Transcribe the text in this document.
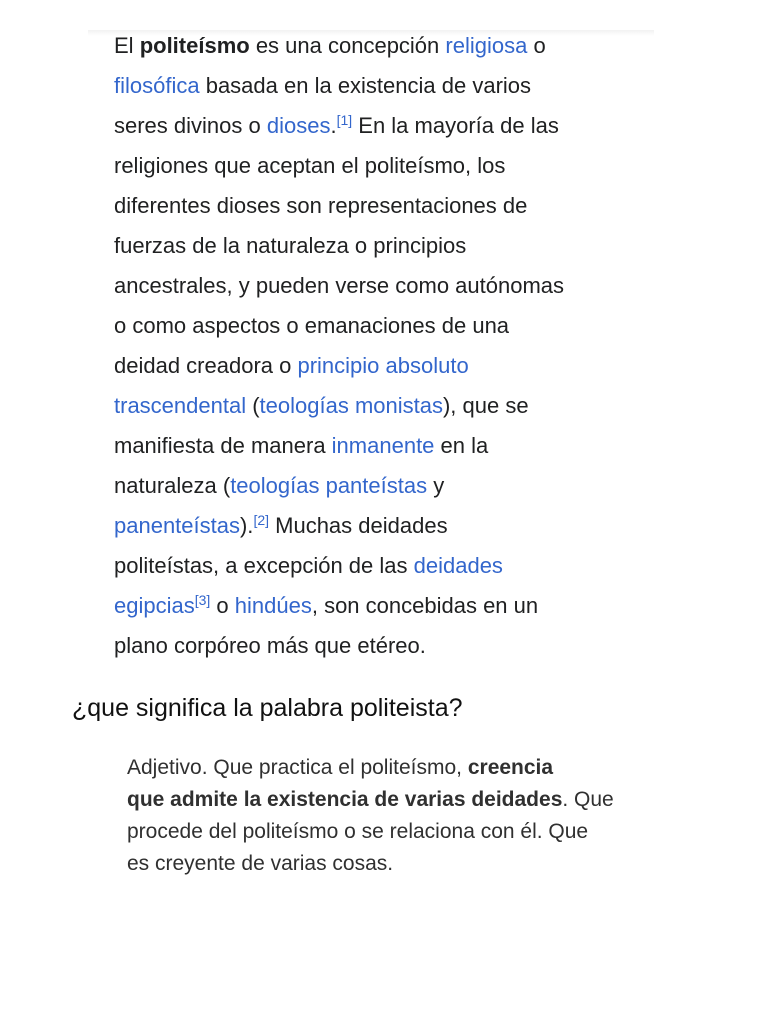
El politeísmo es una concepción religiosa o
filosófica basada en la existencia de varios
seres divinos o dioses.[1] En la mayoría de las
religiones que aceptan el politeísmo, los
diferentes dioses son representaciones de
fuerzas de la naturaleza o principios
ancestrales, y pueden verse como autónomas
o como aspectos o emanaciones de una
deidad creadora o principio absoluto
trascendental (teologías monistas), que se
manifiesta de manera inmanente en la
naturaleza (teologías panteístas y
panenteístas).[2] Muchas deidades
politeístas, a excepción de las deidades
egipcias[3] o hindúes, son concebidas en un
plano corpóreo más que etéreo.
¿que significa la palabra politeista?
Adjetivo. Que practica el politeísmo, creencia
que admite la existencia de varias deidades. Que
procede del politeísmo o se relaciona con él. Que
es creyente de varias cosas.
